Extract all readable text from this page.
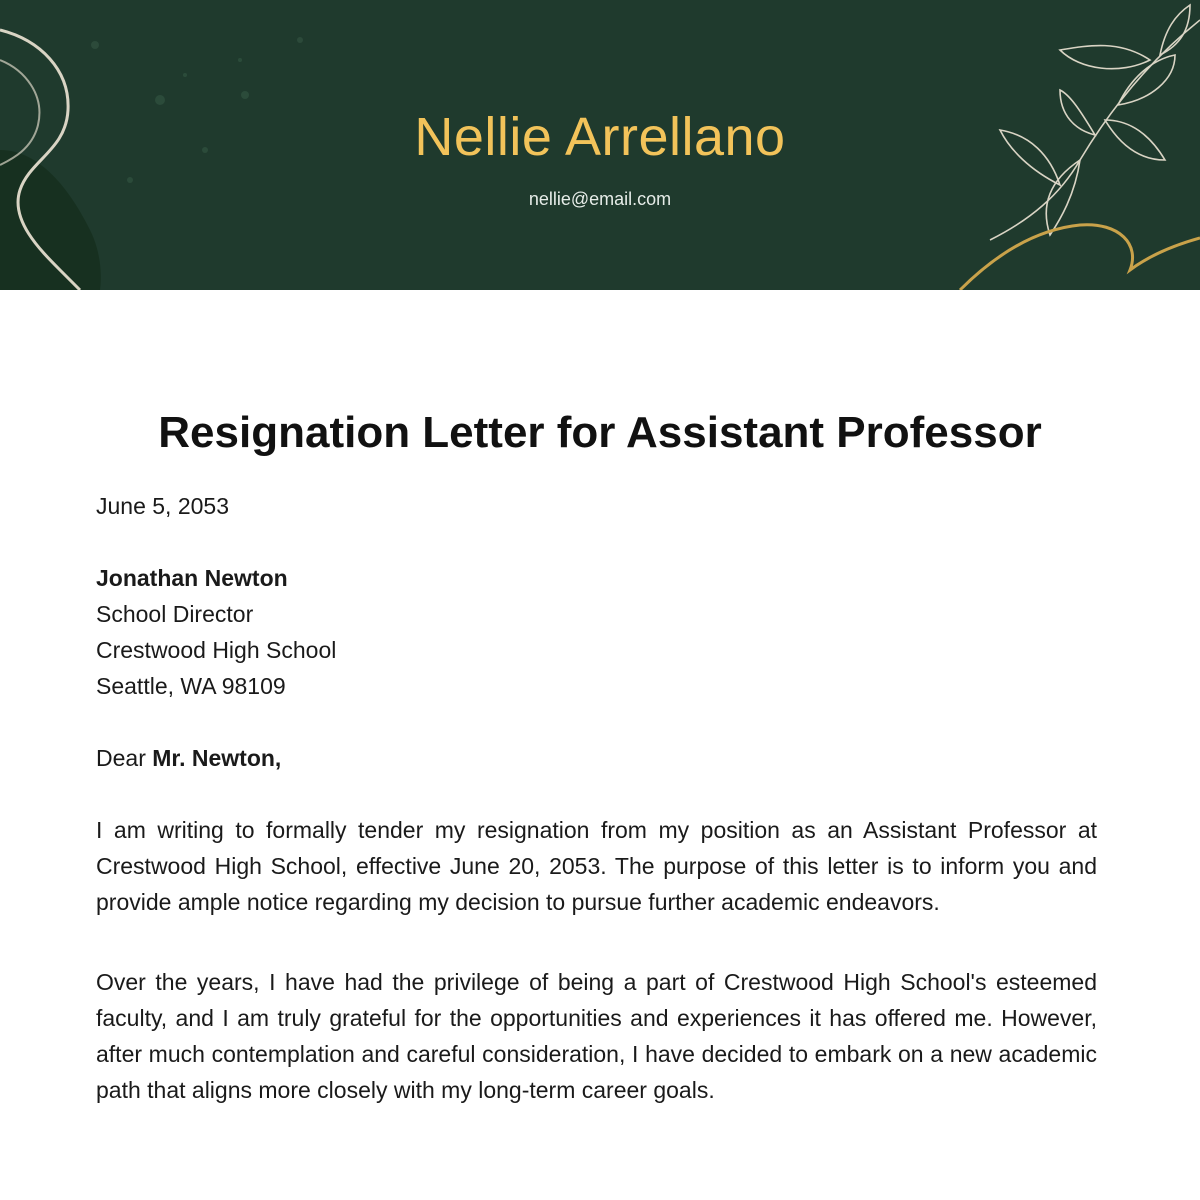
Nellie Arrellano
nellie@email.com
Resignation Letter for Assistant Professor
June 5, 2053
Jonathan Newton
School Director
Crestwood High School
Seattle, WA 98109
Dear Mr. Newton,
I am writing to formally tender my resignation from my position as an Assistant Professor at Crestwood High School, effective June 20, 2053. The purpose of this letter is to inform you and provide ample notice regarding my decision to pursue further academic endeavors.
Over the years, I have had the privilege of being a part of Crestwood High School's esteemed faculty, and I am truly grateful for the opportunities and experiences it has offered me. However, after much contemplation and careful consideration, I have decided to embark on a new academic path that aligns more closely with my long-term career goals.
